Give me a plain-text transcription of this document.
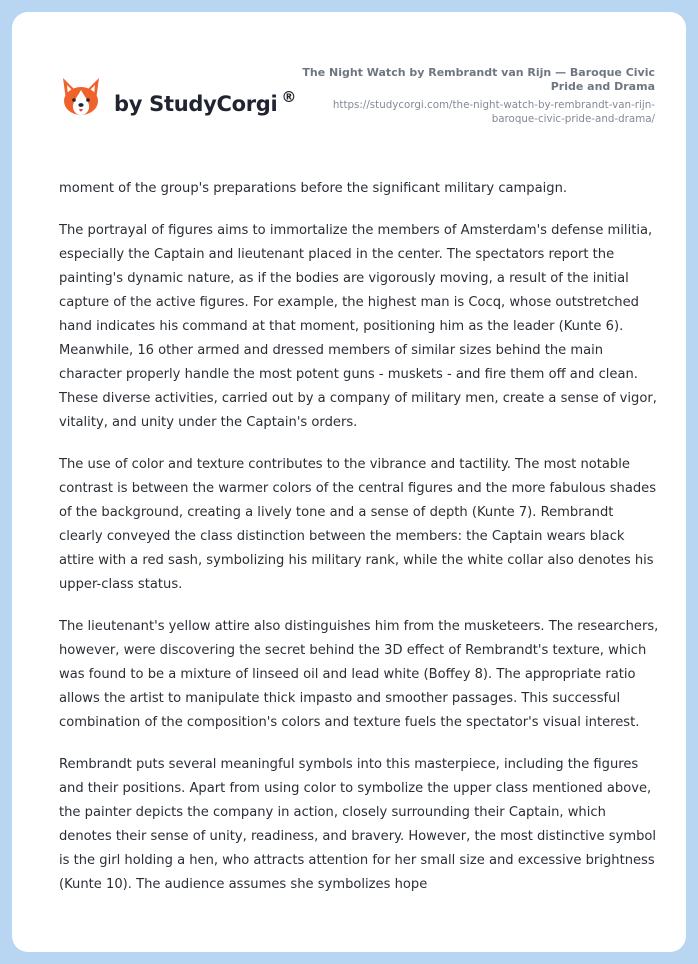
by StudyCorgi ®
The Night Watch by Rembrandt van Rijn — Baroque Civic Pride and Drama
https://studycorgi.com/the-night-watch-by-rembrandt-van-rijn-baroque-civic-pride-and-drama/

moment of the group's preparations before the significant military campaign.

The portrayal of figures aims to immortalize the members of Amsterdam's defense militia, especially the Captain and lieutenant placed in the center. The spectators report the painting's dynamic nature, as if the bodies are vigorously moving, a result of the initial capture of the active figures. For example, the highest man is Cocq, whose outstretched hand indicates his command at that moment, positioning him as the leader (Kunte 6). Meanwhile, 16 other armed and dressed members of similar sizes behind the main character properly handle the most potent guns - muskets - and fire them off and clean. These diverse activities, carried out by a company of military men, create a sense of vigor, vitality, and unity under the Captain's orders.

The use of color and texture contributes to the vibrance and tactility. The most notable contrast is between the warmer colors of the central figures and the more fabulous shades of the background, creating a lively tone and a sense of depth (Kunte 7). Rembrandt clearly conveyed the class distinction between the members: the Captain wears black attire with a red sash, symbolizing his military rank, while the white collar also denotes his upper-class status.

The lieutenant's yellow attire also distinguishes him from the musketeers. The researchers, however, were discovering the secret behind the 3D effect of Rembrandt's texture, which was found to be a mixture of linseed oil and lead white (Boffey 8). The appropriate ratio allows the artist to manipulate thick impasto and smoother passages. This successful combination of the composition's colors and texture fuels the spectator's visual interest.

Rembrandt puts several meaningful symbols into this masterpiece, including the figures and their positions. Apart from using color to symbolize the upper class mentioned above, the painter depicts the company in action, closely surrounding their Captain, which denotes their sense of unity, readiness, and bravery. However, the most distinctive symbol is the girl holding a hen, who attracts attention for her small size and excessive brightness (Kunte 10). The audience assumes she symbolizes hope
